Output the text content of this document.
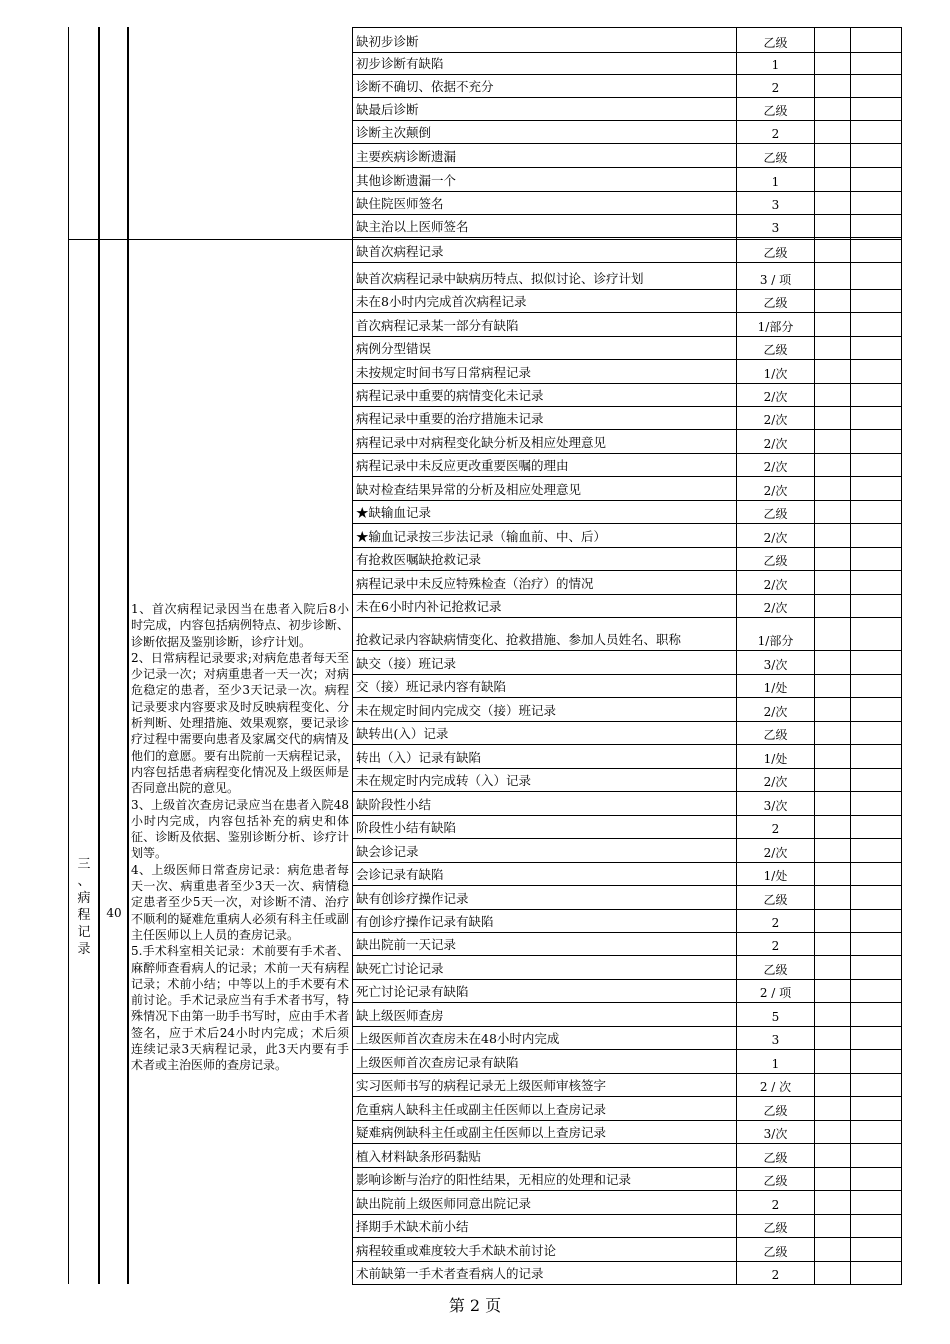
缺初步诊断	乙级
初步诊断有缺陷	1
诊断不确切、依据不充分	2
缺最后诊断	乙级
诊断主次颠倒	2
主要疾病诊断遗漏	乙级
其他诊断遗漏一个	1
缺住院医师签名	3
缺主治以上医师签名	3
缺首次病程记录	乙级
缺首次病程记录中缺病历特点、拟似讨论、诊疗计划	3 / 项
未在8小时内完成首次病程记录	乙级
首次病程记录某一部分有缺陷	1/部分
病例分型错误	乙级
未按规定时间书写日常病程记录	1/次
病程记录中重要的病情变化未记录	2/次
病程记录中重要的治疗措施未记录	2/次
病程记录中对病程变化缺分析及相应处理意见	2/次
病程记录中未反应更改重要医嘱的理由	2/次
缺对检查结果异常的分析及相应处理意见	2/次
★缺输血记录	乙级
★输血记录按三步法记录（输血前、中、后）	2/次
有抢救医嘱缺抢救记录	乙级
病程记录中未反应特殊检查（治疗）的情况	2/次
未在6小时内补记抢救记录	2/次
抢救记录内容缺病情变化、抢救措施、参加人员姓名、职称	1/部分
缺交（接）班记录	3/次
交（接）班记录内容有缺陷	1/处
未在规定时间内完成交（接）班记录	2/次
缺转出(入）记录	乙级
转出（入）记录有缺陷	1/处
未在规定时内完成转（入）记录	2/次
缺阶段性小结	3/次
阶段性小结有缺陷	2
缺会诊记录	2/次
会诊记录有缺陷	1/处
缺有创诊疗操作记录	乙级
有创诊疗操作记录有缺陷	2
缺出院前一天记录	2
缺死亡讨论记录	乙级
死亡讨论记录有缺陷	2 / 项
缺上级医师查房	5
上级医师首次查房未在48小时内完成	3
上级医师首次查房记录有缺陷	1
实习医师书写的病程记录无上级医师审核签字	2 / 次
危重病人缺科主任或副主任医师以上查房记录	乙级
疑难病例缺科主任或副主任医师以上查房记录	3/次
植入材料缺条形码黏贴	乙级
影响诊断与治疗的阳性结果，无相应的处理和记录	乙级
缺出院前上级医师同意出院记录	2
择期手术缺术前小结	乙级
病程较重或难度较大手术缺术前讨论	乙级
术前缺第一手术者查看病人的记录	2
三
、
病
程
记
录
40
1、首次病程记录因当在患者入院后8小时完成，内容包括病例特点、初步诊断、诊断依据及鉴别诊断，诊疗计划。
2、日常病程记录要求;对病危患者每天至少记录一次；对病重患者一天一次；对病危稳定的患者，至少3天记录一次。病程记录要求内容要求及时反映病程变化、分析判断、处理措施、效果观察，要记录诊疗过程中需要向患者及家属交代的病情及他们的意愿。要有出院前一天病程记录，内容包括患者病程变化情况及上级医师是否同意出院的意见。
3、上级首次查房记录应当在患者入院48小时内完成，内容包括补充的病史和体征、诊断及依据、鉴别诊断分析、诊疗计划等。
4、上级医师日常查房记录：病危患者每天一次、病重患者至少3天一次、病情稳定患者至少5天一次，对诊断不清、治疗不顺利的疑难危重病人必须有科主任或副主任医师以上人员的查房记录。
5.手术科室相关记录：术前要有手术者、麻醉师查看病人的记录；术前一天有病程记录；术前小结；中等以上的手术要有术前讨论。手术记录应当有手术者书写，特殊情况下由第一助手书写时，应由手术者签名，应于术后24小时内完成；术后须连续记录3天病程记录，此3天内要有手术者或主治医师的查房记录。
第 2 页
